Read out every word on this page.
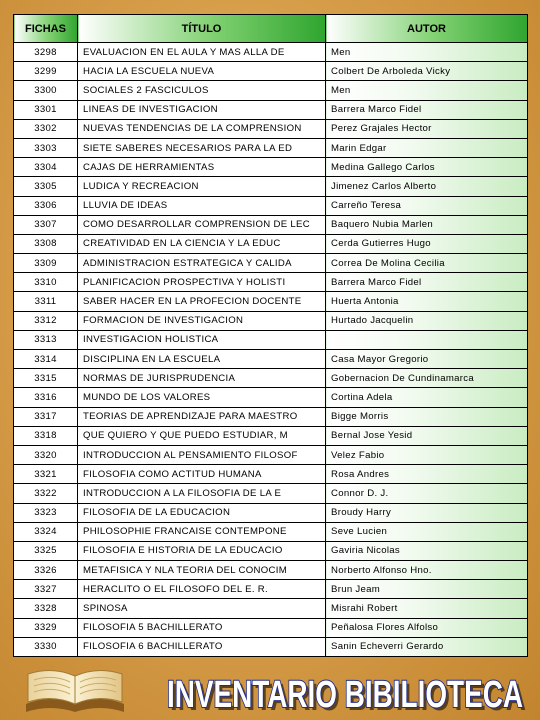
FICHAS	TÍTULO	AUTOR
3298	EVALUACION EN EL AULA Y MAS ALLA DE	Men
3299	HACIA LA ESCUELA NUEVA	Colbert De Arboleda Vicky
3300	SOCIALES 2 FASCICULOS	Men
3301	LINEAS DE INVESTIGACION	Barrera Marco Fidel
3302	NUEVAS TENDENCIAS DE LA COMPRENSION	Perez Grajales Hector
3303	SIETE SABERES NECESARIOS PARA LA ED	Marin Edgar
3304	CAJAS DE HERRAMIENTAS	Medina Gallego Carlos
3305	LUDICA Y RECREACION	Jimenez Carlos Alberto
3306	LLUVIA DE IDEAS	Carreño Teresa
3307	COMO DESARROLLAR COMPRENSION DE LEC	Baquero Nubia Marlen
3308	CREATIVIDAD EN LA CIENCIA Y LA EDUC	Cerda Gutierres Hugo
3309	ADMINISTRACION ESTRATEGICA Y CALIDA	Correa De Molina Cecilia
3310	PLANIFICACION PROSPECTIVA Y HOLISTI	Barrera Marco Fidel
3311	SABER HACER EN LA PROFECION DOCENTE	Huerta Antonia
3312	FORMACION DE INVESTIGACION	Hurtado Jacquelin
3313	INVESTIGACION HOLISTICA	
3314	DISCIPLINA EN LA ESCUELA	Casa Mayor Gregorio
3315	NORMAS DE JURISPRUDENCIA	Gobernacion De Cundinamarca
3316	MUNDO DE LOS VALORES	Cortina Adela
3317	TEORIAS DE APRENDIZAJE PARA MAESTRO	Bigge Morris
3318	QUE QUIERO Y QUE PUEDO ESTUDIAR, M	Bernal Jose Yesid
3320	INTRODUCCION AL PENSAMIENTO FILOSOF	Velez Fabio
3321	FILOSOFIA COMO ACTITUD HUMANA	Rosa Andres
3322	INTRODUCCION A LA FILOSOFIA DE LA E	Connor D. J.
3323	FILOSOFIA DE LA EDUCACION	Broudy Harry
3324	PHILOSOPHIE FRANCAISE CONTEMPONE	Seve Lucien
3325	FILOSOFIA E HISTORIA DE LA EDUCACIO	Gaviria Nicolas
3326	METAFISICA Y NLA TEORIA DEL CONOCIM	Norberto Alfonso Hno.
3327	HERACLITO O EL FILOSOFO DEL E. R.	Brun Jeam
3328	SPINOSA	Misrahi Robert
3329	FILOSOFIA 5 BACHILLERATO	Peñalosa Flores Alfolso
3330	FILOSOFIA 6 BACHILLERATO	Sanin Echeverri Gerardo
INVENTARIO BIBILIOTECA
INVENTARIO BIBILIOTECA
